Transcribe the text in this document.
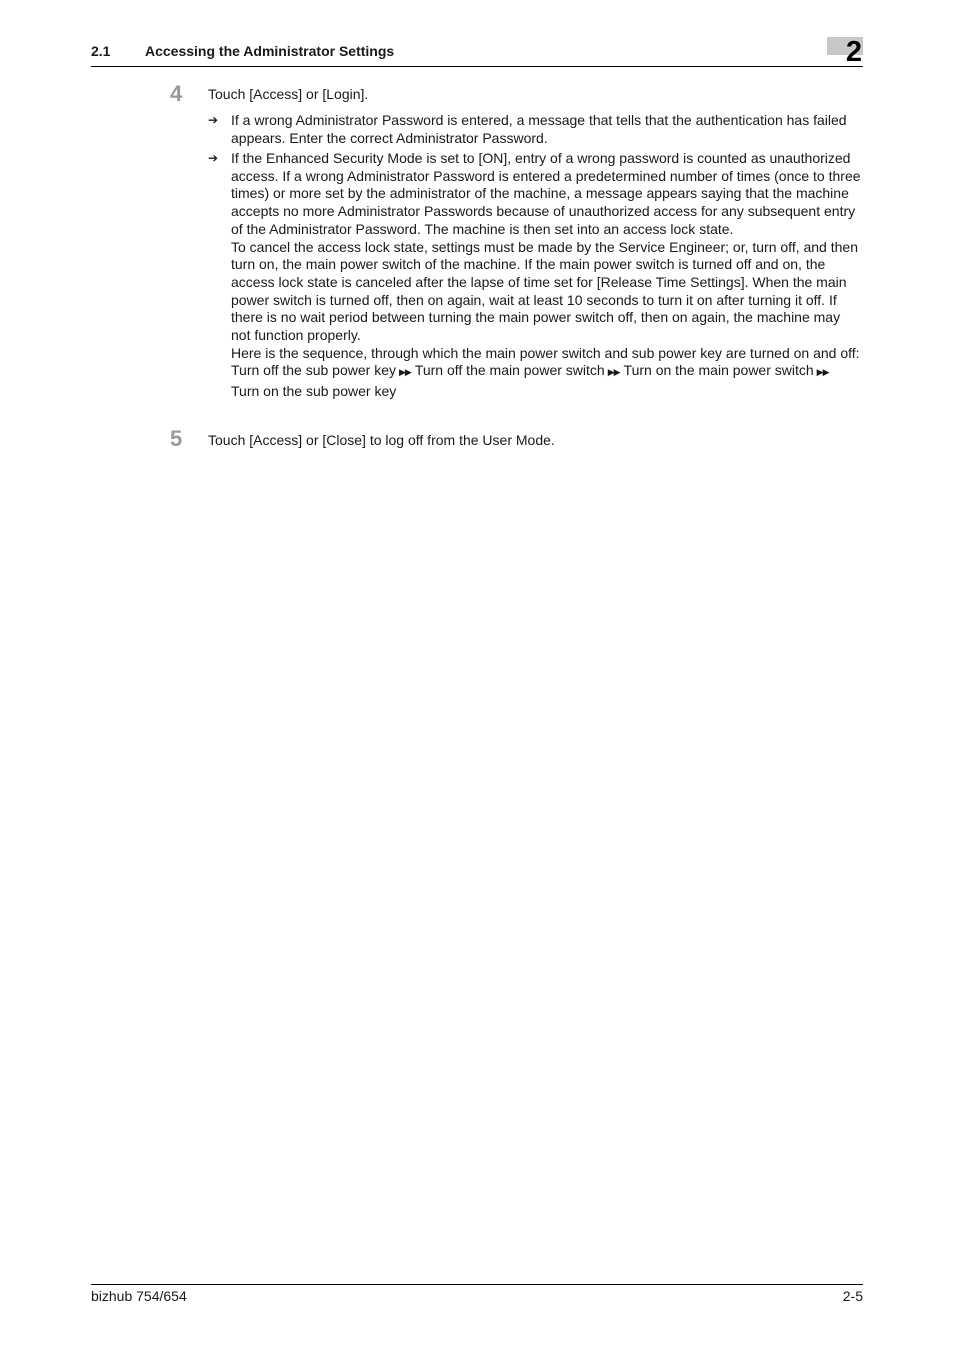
2.1 Accessing the Administrator Settings	2
4 Touch [Access] or [Login].
➔ If a wrong Administrator Password is entered, a message that tells that the authentication has failed appears. Enter the correct Administrator Password.

➔ If the Enhanced Security Mode is set to [ON], entry of a wrong password is counted as unauthorized access. If a wrong Administrator Password is entered a predetermined number of times (once to three times) or more set by the administrator of the machine, a message appears saying that the machine accepts no more Administrator Passwords because of unauthorized access for any subsequent entry of the Administrator Password. The machine is then set into an access lock state.

To cancel the access lock state, settings must be made by the Service Engineer; or, turn off, and then turn on, the main power switch of the machine. If the main power switch is turned off and on, the access lock state is canceled after the lapse of time set for [Release Time Settings]. When the main power switch is turned off, then on again, wait at least 10 seconds to turn it on after turning it off. If there is no wait period between turning the main power switch off, then on again, the machine may not function properly.

Here is the sequence, through which the main power switch and sub power key are turned on and off:

Turn off the sub power key ▶▶ Turn off the main power switch ▶▶ Turn on the main power switch ▶▶
Turn on the sub power key

5 Touch [Access] or [Close] to log off from the User Mode.
bizhub 754/654	2-5
